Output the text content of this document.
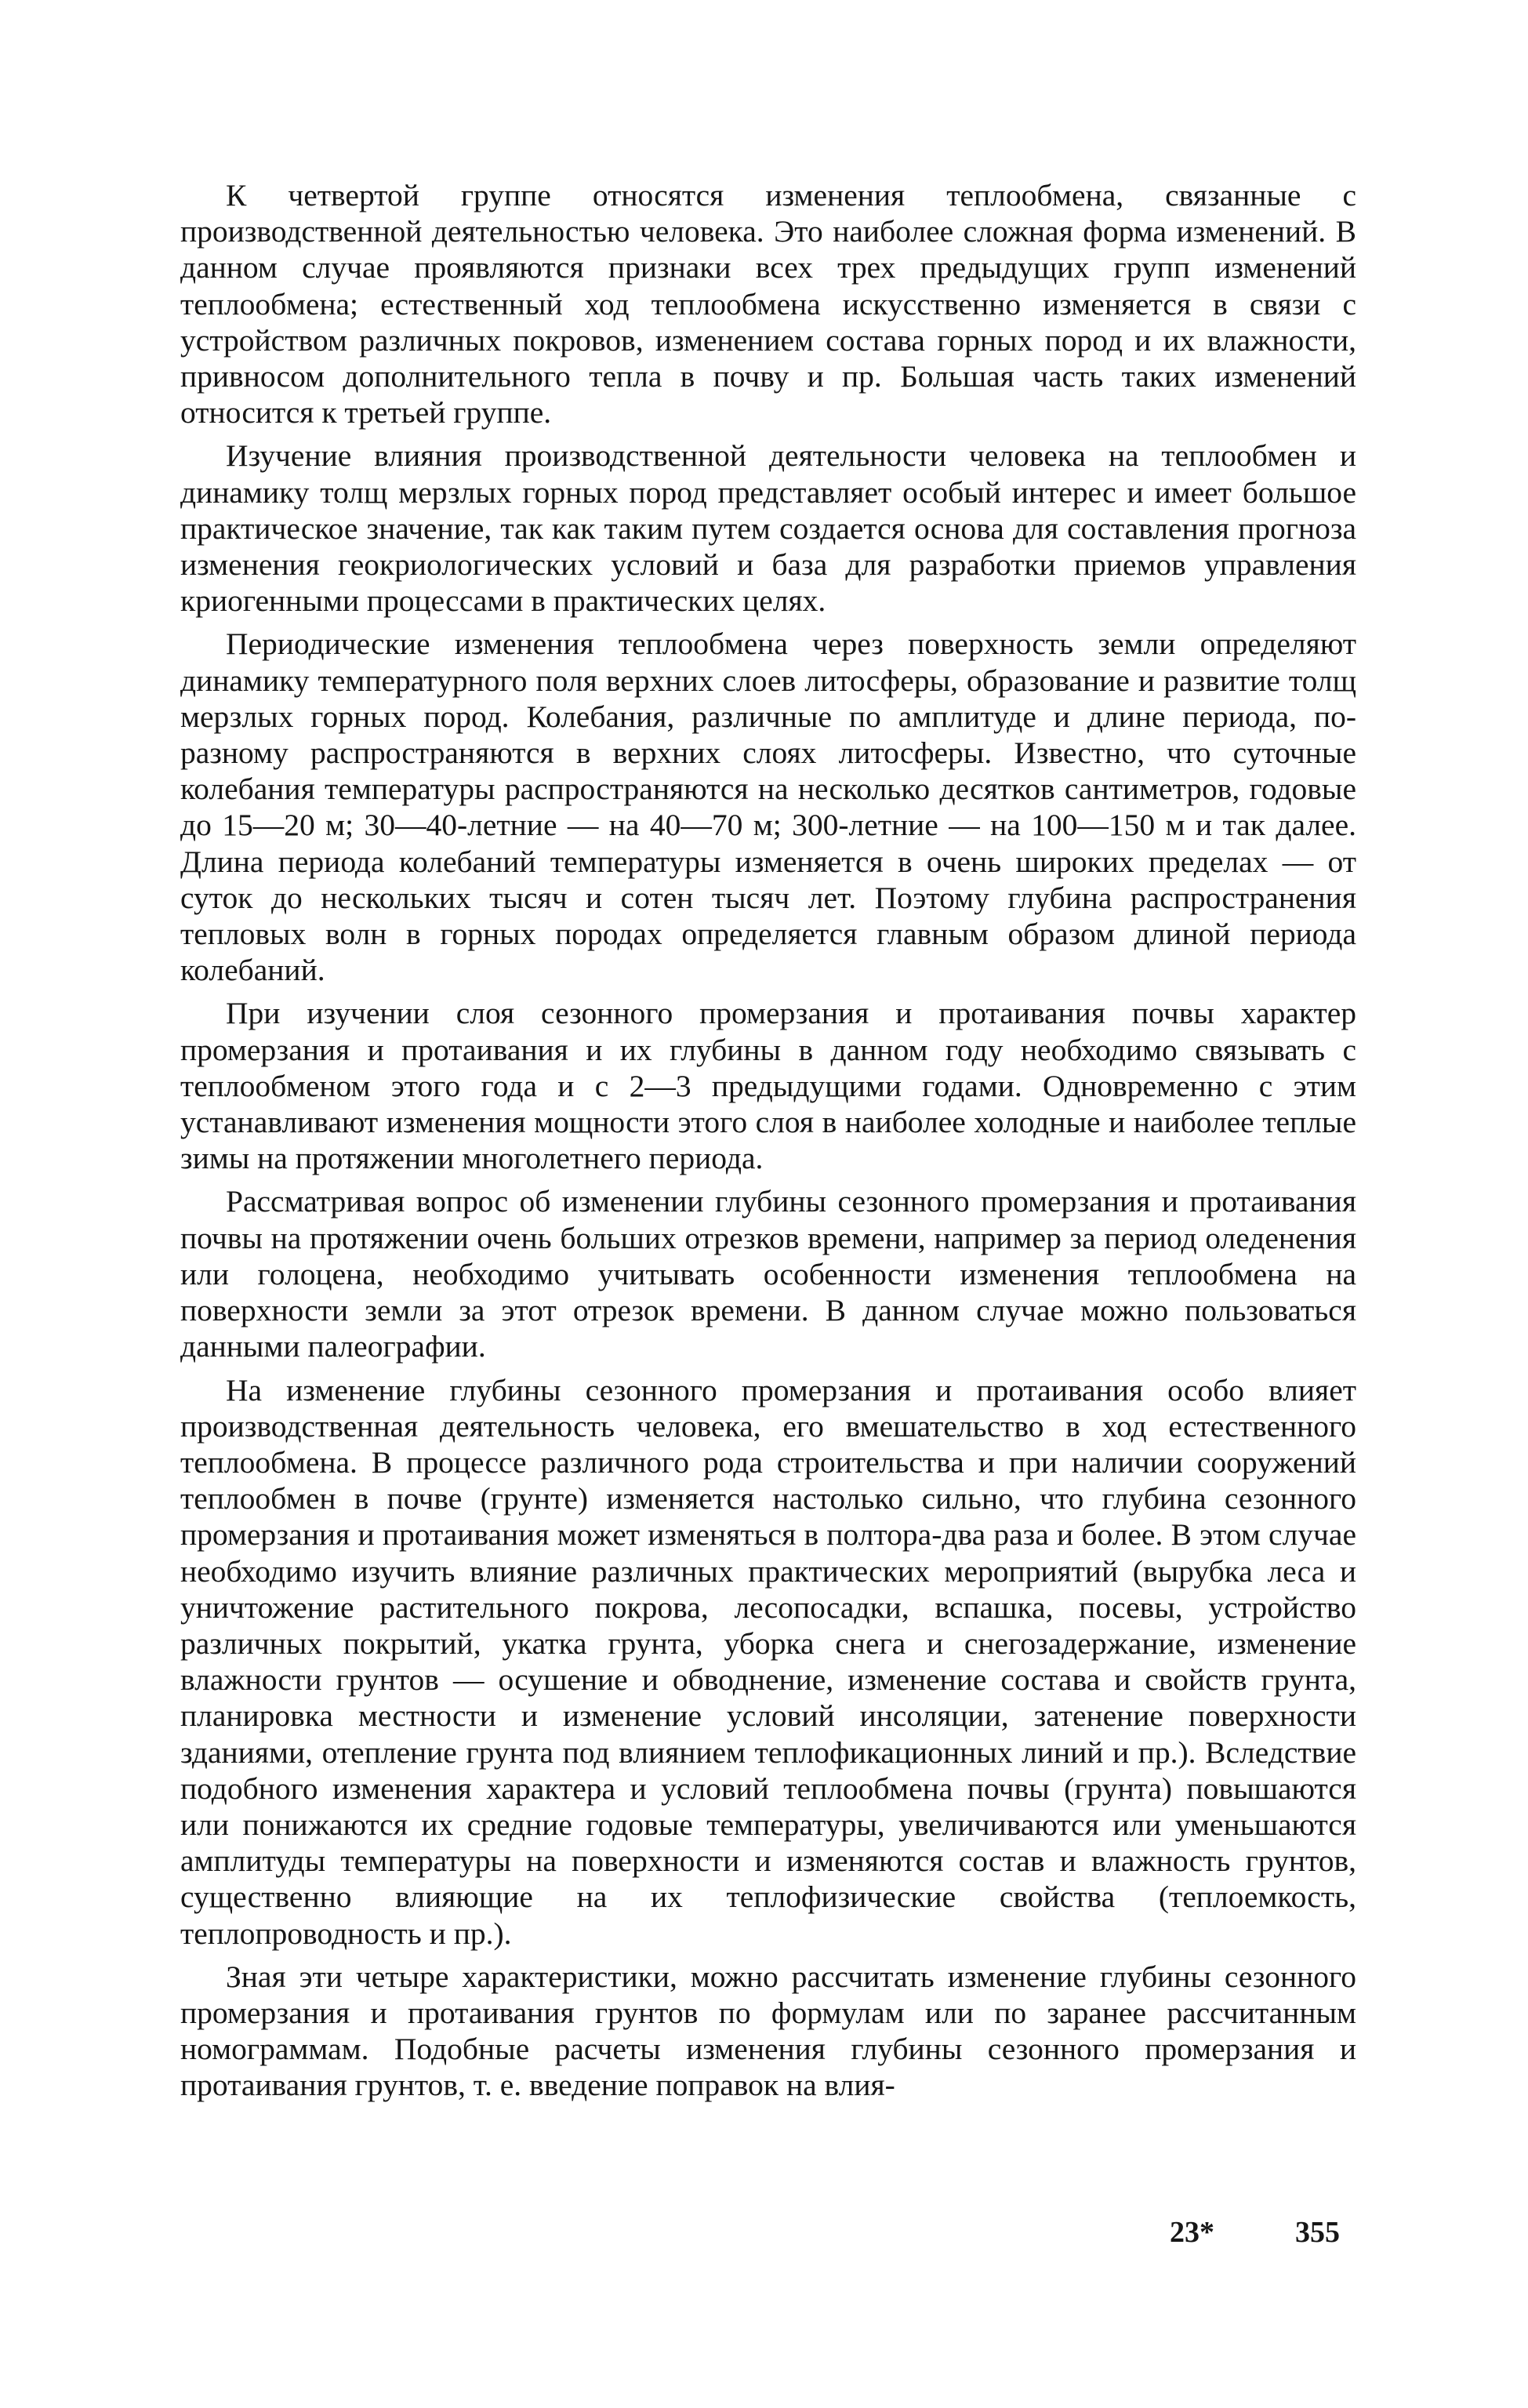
К четвертой группе относятся изменения теплообмена, связанные с производственной деятельностью человека. Это наиболее сложная форма изменений. В данном случае проявляются признаки всех трех предыдущих групп изменений теплообмена; естественный ход теплообмена искусственно изменяется в связи с устройством различных покровов, изменением состава горных пород и их влажности, привносом дополнительного тепла в почву и пр. Большая часть таких изменений относится к третьей группе.

Изучение влияния производственной деятельности человека на теплообмен и динамику толщ мерзлых горных пород представляет особый интерес и имеет большое практическое значение, так как таким путем создается основа для составления прогноза изменения геокриологических условий и база для разработки приемов управления криогенными процессами в практических целях.

Периодические изменения теплообмена через поверхность земли определяют динамику температурного поля верхних слоев литосферы, образование и развитие толщ мерзлых горных пород. Колебания, различные по амплитуде и длине периода, по-разному распространяются в верхних слоях литосферы. Известно, что суточные колебания температуры распространяются на несколько десятков сантиметров, годовые до 15—20 м; 30—40-летние — на 40—70 м; 300-летние — на 100—150 м и так далее. Длина периода колебаний температуры изменяется в очень широких пределах — от суток до нескольких тысяч и сотен тысяч лет. Поэтому глубина распространения тепловых волн в горных породах определяется главным образом длиной периода колебаний.

При изучении слоя сезонного промерзания и протаивания почвы характер промерзания и протаивания и их глубины в данном году необходимо связывать с теплообменом этого года и с 2—3 предыдущими годами. Одновременно с этим устанавливают изменения мощности этого слоя в наиболее холодные и наиболее теплые зимы на протяжении многолетнего периода.

Рассматривая вопрос об изменении глубины сезонного промерзания и протаивания почвы на протяжении очень больших отрезков времени, например за период оледенения или голоцена, необходимо учитывать особенности изменения теплообмена на поверхности земли за этот отрезок времени. В данном случае можно пользоваться данными палеографии.

На изменение глубины сезонного промерзания и протаивания особо влияет производственная деятельность человека, его вмешательство в ход естественного теплообмена. В процессе различного рода строительства и при наличии сооружений теплообмен в почве (грунте) изменяется настолько сильно, что глубина сезонного промерзания и протаивания может изменяться в полтора-два раза и более. В этом случае необходимо изучить влияние различных практических мероприятий (вырубка леса и уничтожение растительного покрова, лесопосадки, вспашка, посевы, устройство различных покрытий, укатка грунта, уборка снега и снегозадержание, изменение влажности грунтов — осушение и обводнение, изменение состава и свойств грунта, планировка местности и изменение условий инсоляции, затенение поверхности зданиями, отепление грунта под влиянием теплофикационных линий и пр.). Вследствие подобного изменения характера и условий теплообмена почвы (грунта) повышаются или понижаются их средние годовые температуры, увеличиваются или уменьшаются амплитуды температуры на поверхности и изменяются состав и влажность грунтов, существенно влияющие на их теплофизические свойства (теплоемкость, теплопроводность и пр.).

Зная эти четыре характеристики, можно рассчитать изменение глубины сезонного промерзания и протаивания грунтов по формулам или по заранее рассчитанным номограммам. Подобные расчеты изменения глубины сезонного промерзания и протаивания грунтов, т. е. введение поправок на влия-

23*	355
